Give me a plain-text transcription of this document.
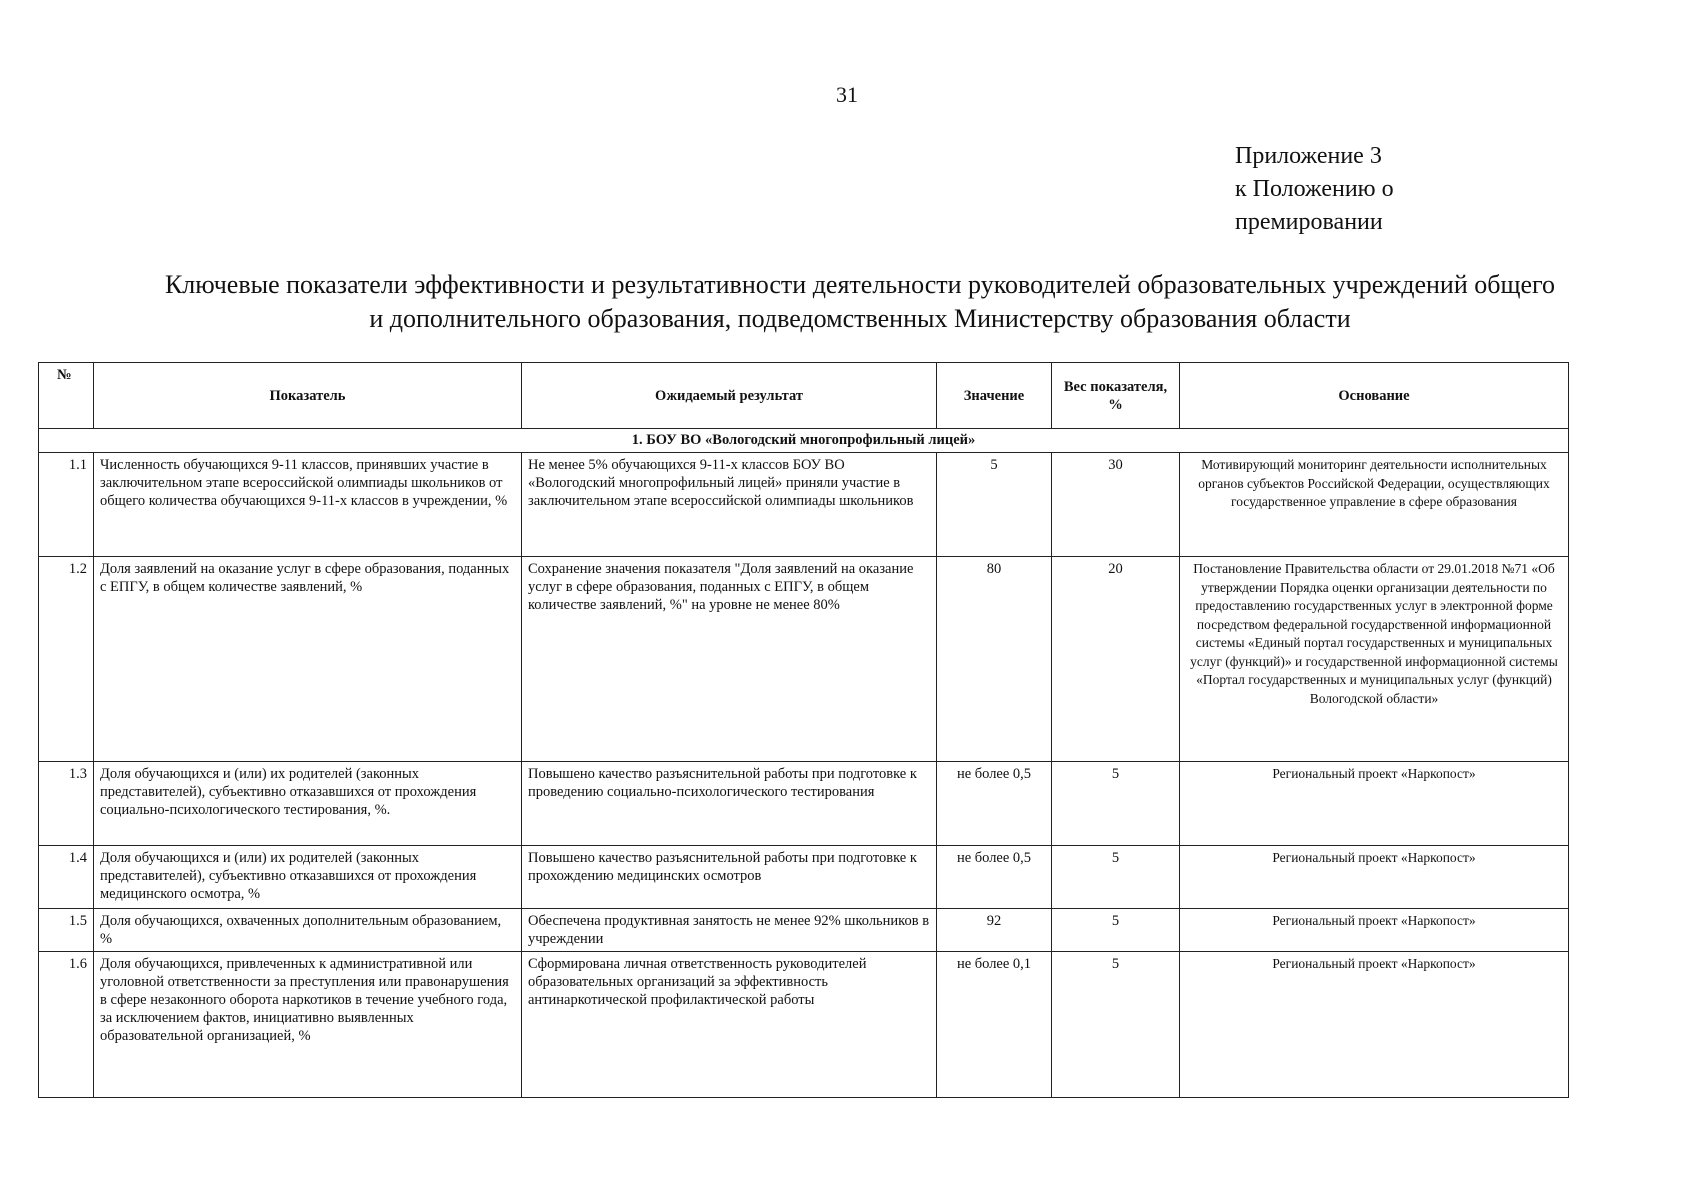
31
Приложение 3
к Положению о
премировании
Ключевые показатели эффективности и результативности деятельности руководителей образовательных учреждений общего
и дополнительного образования, подведомственных Министерству образования области
№	Показатель	Ожидаемый результат	Значение	Вес показателя, %	Основание
1. БОУ ВО «Вологодский многопрофильный лицей»					
1.1	Численность обучающихся 9-11 классов, принявших участие в заключительном этапе всероссийской олимпиады школьников от общего количества обучающихся 9-11-х классов в учреждении, %	Не менее 5% обучающихся 9-11-х классов БОУ ВО «Вологодский многопрофильный лицей» приняли участие в заключительном этапе всероссийской олимпиады школьников	5	30	Мотивирующий мониторинг деятельности исполнительных органов субъектов Российской Федерации, осуществляющих государственное управление в сфере образования
1.2	Доля заявлений на оказание услуг в сфере образования, поданных с ЕПГУ, в общем количестве заявлений, %	Сохранение значения показателя "Доля заявлений на оказание услуг в сфере образования, поданных с ЕПГУ, в общем количестве заявлений, %" на уровне не менее 80%	80	20	Постановление Правительства области от 29.01.2018 №71 «Об утверждении Порядка оценки организации деятельности по предоставлению государственных услуг в электронной форме посредством федеральной государственной информационной системы «Единый портал государственных и муниципальных услуг (функций)» и государственной информационной системы «Портал государственных и муниципальных услуг (функций) Вологодской области»
1.3	Доля обучающихся и (или) их родителей (законных представителей), субъективно отказавшихся от прохождения социально-психологического тестирования, %.	Повышено качество разъяснительной работы при подготовке к проведению социально-психологического тестирования	не более 0,5	5	Региональный проект «Наркопост»
1.4	Доля обучающихся и (или) их родителей (законных представителей), субъективно отказавшихся от прохождения медицинского осмотра, %	Повышено качество разъяснительной работы при подготовке к прохождению медицинских осмотров	не более 0,5	5	Региональный проект «Наркопост»
1.5	Доля обучающихся, охваченных дополнительным образованием, %	Обеспечена продуктивная занятость не менее 92% школьников в учреждении	92	5	Региональный проект «Наркопост»
1.6	Доля обучающихся, привлеченных к административной или уголовной ответственности за преступления или правонарушения в сфере незаконного оборота наркотиков в течение учебного года, за исключением фактов, инициативно выявленных образовательной организацией, %	Сформирована личная ответственность руководителей образовательных организаций за эффективность антинаркотической профилактической работы	не более 0,1	5	Региональный проект «Наркопост»
